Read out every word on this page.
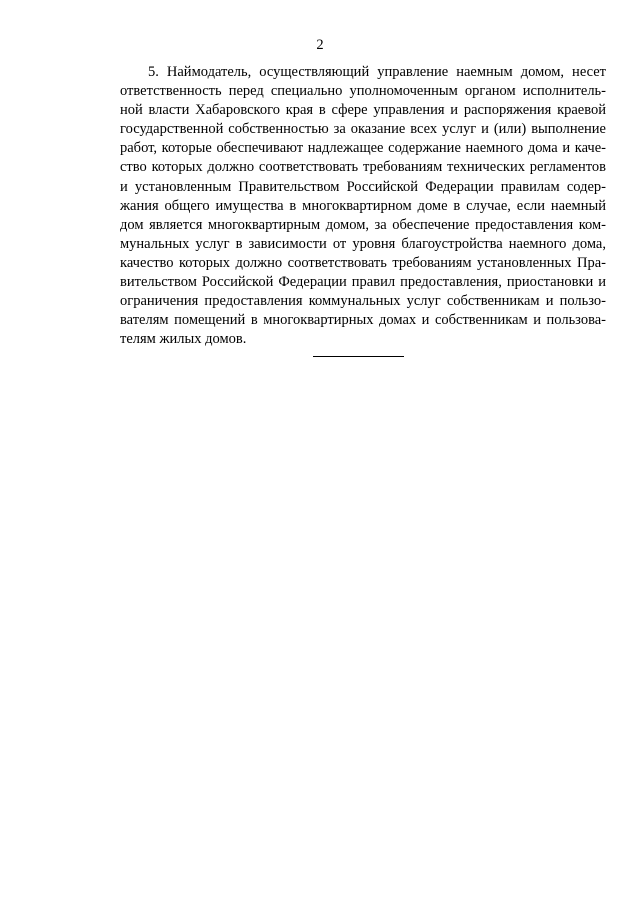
2
5. Наймодатель, осуществляющий управление наемным домом, несет
ответственность перед специально уполномоченным органом исполнитель-
ной власти Хабаровского края в сфере управления и распоряжения краевой
государственной собственностью за оказание всех услуг и (или) выполнение
работ, которые обеспечивают надлежащее содержание наемного дома и каче-
ство которых должно соответствовать требованиям технических регламентов
и установленным Правительством Российской Федерации правилам содер-
жания общего имущества в многоквартирном доме в случае, если наемный
дом является многоквартирным домом, за обеспечение предоставления ком-
мунальных услуг в зависимости от уровня благоустройства наемного дома,
качество которых должно соответствовать требованиям установленных Пра-
вительством Российской Федерации правил предоставления, приостановки и
ограничения предоставления коммунальных услуг собственникам и пользо-
вателям помещений в многоквартирных домах и собственникам и пользова-
телям жилых домов.
